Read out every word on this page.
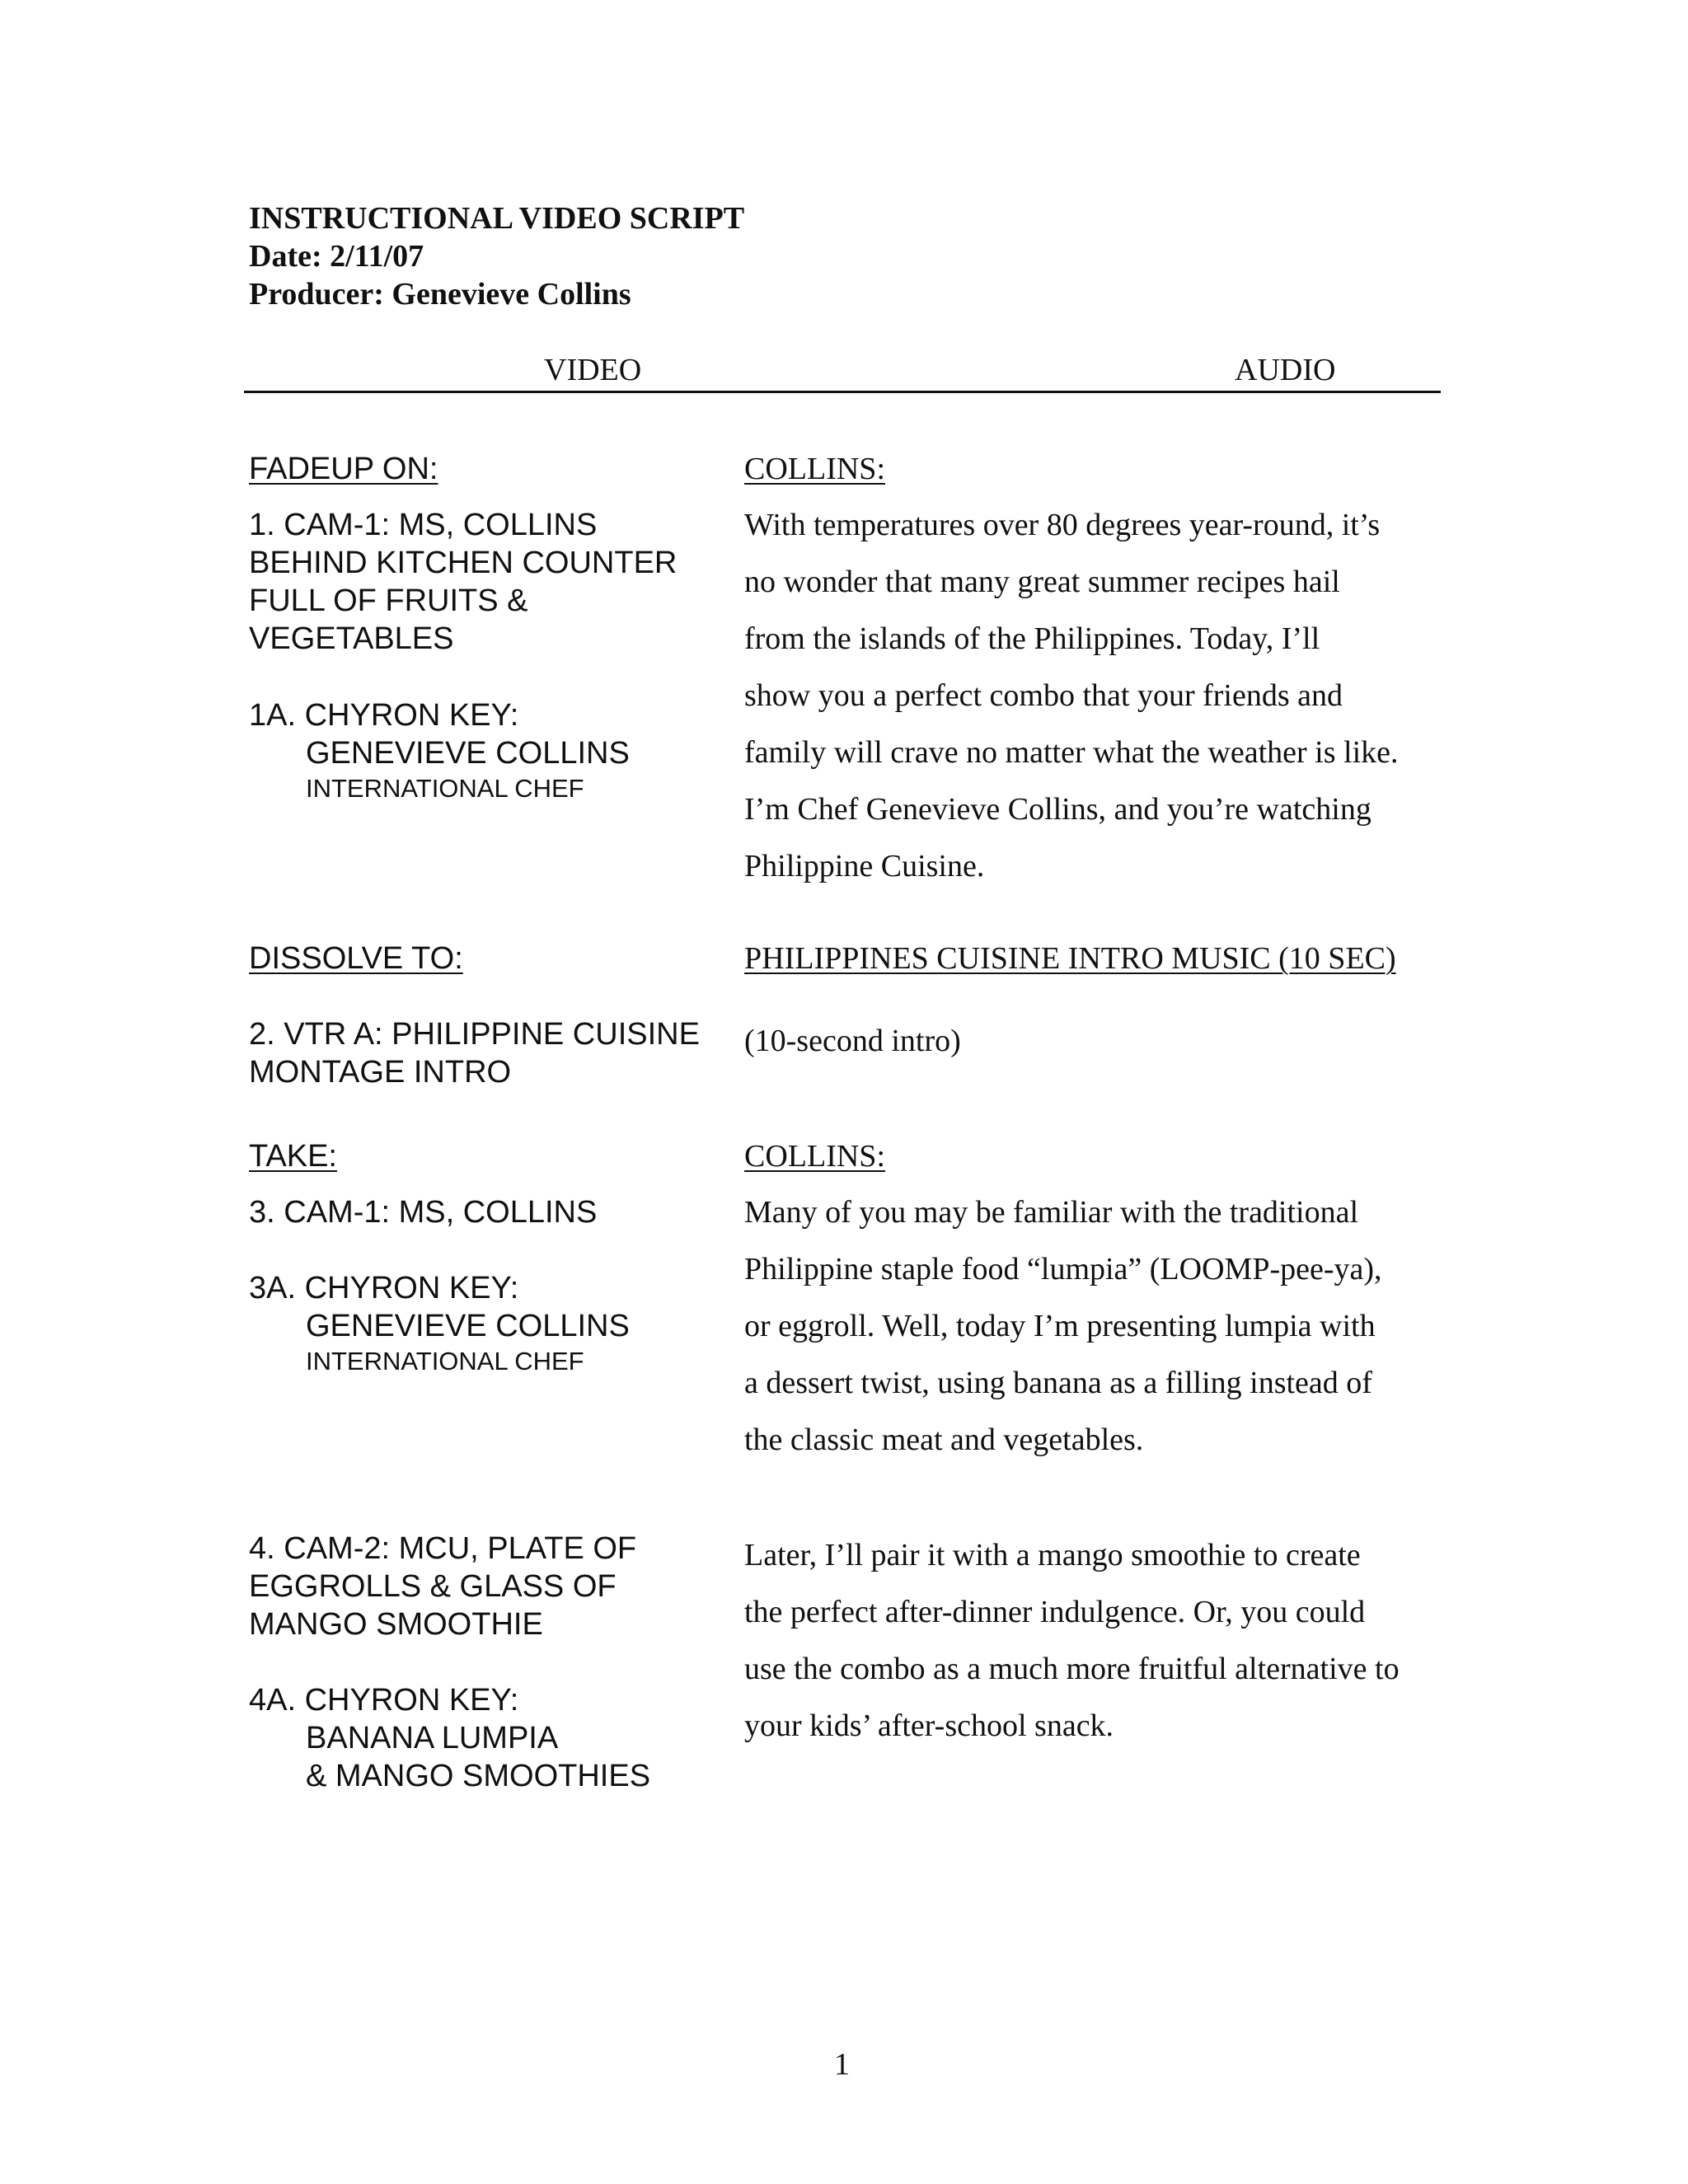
INSTRUCTIONAL VIDEO SCRIPT
Date: 2/11/07
Producer: Genevieve Collins
VIDEO	AUDIO
FADEUP ON:
1. CAM-1: MS, COLLINS
BEHIND KITCHEN COUNTER
FULL OF FRUITS &
VEGETABLES
1A. CHYRON KEY:
GENEVIEVE COLLINS
INTERNATIONAL CHEF
DISSOLVE TO:
2. VTR A: PHILIPPINE CUISINE
MONTAGE INTRO
TAKE:
3. CAM-1: MS, COLLINS
3A. CHYRON KEY:
GENEVIEVE COLLINS
INTERNATIONAL CHEF
4. CAM-2: MCU, PLATE OF
EGGROLLS & GLASS OF
MANGO SMOOTHIE
4A. CHYRON KEY:
BANANA LUMPIA
& MANGO SMOOTHIES
COLLINS:
With temperatures over 80 degrees year-round, it’s
no wonder that many great summer recipes hail
from the islands of the Philippines. Today, I’ll
show you a perfect combo that your friends and
family will crave no matter what the weather is like.
I’m Chef Genevieve Collins, and you’re watching
Philippine Cuisine.
PHILIPPINES CUISINE INTRO MUSIC (10 SEC)
(10-second intro)
COLLINS:
Many of you may be familiar with the traditional
Philippine staple food “lumpia” (LOOMP-pee-ya),
or eggroll. Well, today I’m presenting lumpia with
a dessert twist, using banana as a filling instead of
the classic meat and vegetables.
Later, I’ll pair it with a mango smoothie to create
the perfect after-dinner indulgence. Or, you could
use the combo as a much more fruitful alternative to
your kids’ after-school snack.
1
